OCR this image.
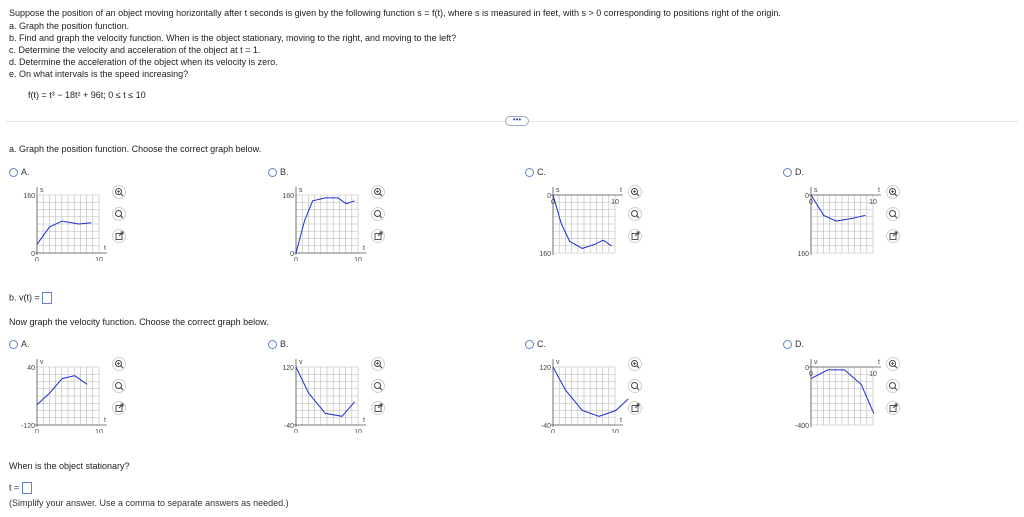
Suppose the position of an object moving horizontally after t seconds is given by the following function s = f(t), where s is measured in feet, with s > 0 corresponding to positions right of the origin.
a. Graph the position function.
b. Find and graph the velocity function. When is the object stationary, moving to the right, and moving to the left?
c. Determine the velocity and acceleration of the object at t = 1.
d. Determine the acceleration of the object when its velocity is zero.
e. On what intervals is the speed increasing?
f(t) = t³ − 18t² + 96t; 0 ≤ t ≤ 10
•••
a. Graph the position function. Choose the correct graph below.
A.
s
160
0
0	10
t
B.
s
160
0
0	10
t
C.
s
0
160
0	10
t
D.
s
0
160
0	10
t
b. v(t) =
Now graph the velocity function. Choose the correct graph below.
A.
v
40
-120
0	10
t
B.
v
120
-40
0	10
t
C.
v
120
-40
0	10
t
D.
v
0
-400
0	10
t
When is the object stationary?
t =
(Simplify your answer. Use a comma to separate answers as needed.)
